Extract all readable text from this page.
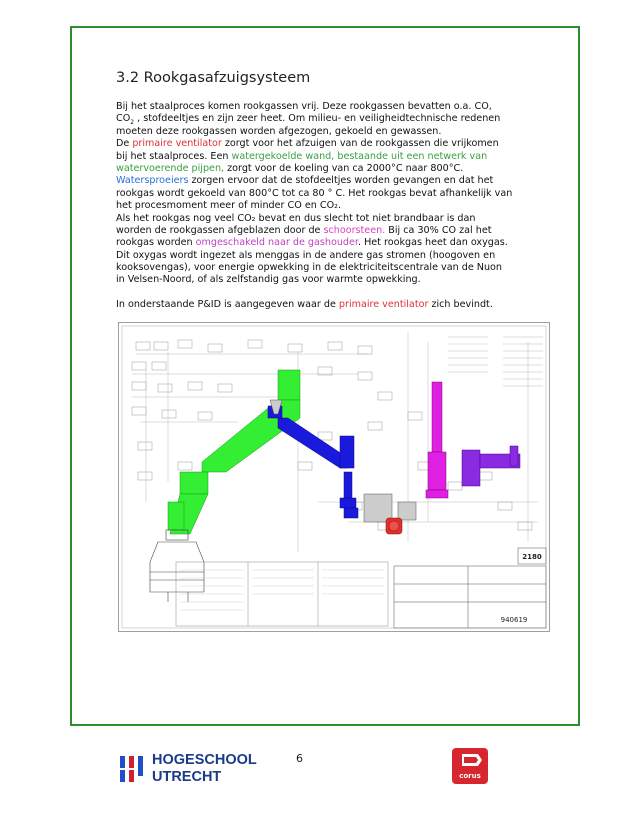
3.2 Rookgasafzuigsysteem
Bij het staalproces komen rookgassen vrij. Deze rookgassen bevatten o.a. CO,
$CO_2$ , stofdeeltjes en zijn zeer heet. Om milieu- en veiligheidtechnische redenen
moeten deze rookgassen worden afgezogen, gekoeld en gewassen.
De primaire ventilator zorgt voor het afzuigen van de rookgassen die vrijkomen
bij het staalproces. Een watergekoelde wand, bestaande uit een netwerk van
watervoerende pijpen, zorgt voor de koeling van ca 2000°C naar 800°C.
Watersproeiers zorgen ervoor dat de stofdeeltjes worden gevangen en dat het
rookgas wordt gekoeld van 800°C tot ca 80 ° C. Het rookgas bevat afhankelijk van
het procesmoment meer of minder CO en CO₂.
Als het rookgas nog veel CO₂ bevat en dus slecht tot niet brandbaar is dan
worden de rookgassen afgeblazen door de schoorsteen. Bij ca 30% CO zal het
rookgas worden omgeschakeld naar de gashouder. Het rookgas heet dan oxygas.
Dit oxygas wordt ingezet als menggas in de andere gas stromen (hoogoven en
kooksovengas), voor energie opwekking in de elektriciteitscentrale van de Nuon
in Velsen-Noord, of als zelfstandig gas voor warmte opwekking.
In onderstaande P&ID is aangegeven waar de primaire ventilator zich bevindt.
2180
940619
HOGESCHOOL
UTRECHT
6
corus
